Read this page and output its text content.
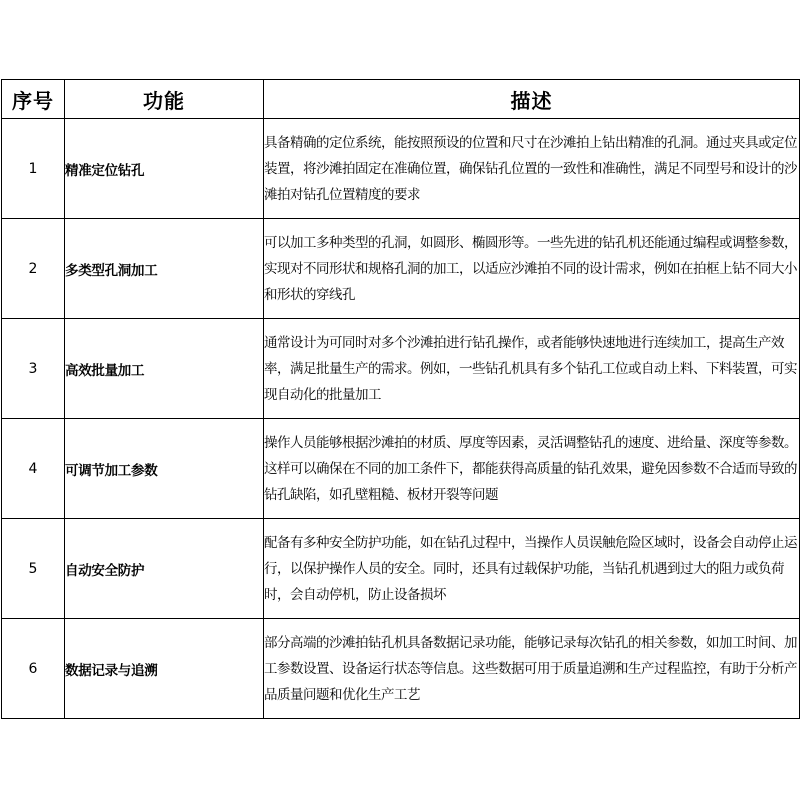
序号	功能	描述
1	精准定位钻孔	具备精确的定位系统，能按照预设的位置和尺寸在沙滩拍上钻出精准的孔洞。通过夹具或定位装置，将沙滩拍固定在准确位置，确保钻孔位置的一致性和准确性，满足不同型号和设计的沙滩拍对钻孔位置精度的要求
2	多类型孔洞加工	可以加工多种类型的孔洞，如圆形、椭圆形等。一些先进的钻孔机还能通过编程或调整参数，实现对不同形状和规格孔洞的加工，以适应沙滩拍不同的设计需求，例如在拍框上钻不同大小和形状的穿线孔
3	高效批量加工	通常设计为可同时对多个沙滩拍进行钻孔操作，或者能够快速地进行连续加工，提高生产效率，满足批量生产的需求。例如，一些钻孔机具有多个钻孔工位或自动上料、下料装置，可实现自动化的批量加工
4	可调节加工参数	操作人员能够根据沙滩拍的材质、厚度等因素，灵活调整钻孔的速度、进给量、深度等参数。这样可以确保在不同的加工条件下，都能获得高质量的钻孔效果，避免因参数不合适而导致的钻孔缺陷，如孔壁粗糙、板材开裂等问题
5	自动安全防护	配备有多种安全防护功能，如在钻孔过程中，当操作人员误触危险区域时，设备会自动停止运行，以保护操作人员的安全。同时，还具有过载保护功能，当钻孔机遇到过大的阻力或负荷时，会自动停机，防止设备损坏
6	数据记录与追溯	部分高端的沙滩拍钻孔机具备数据记录功能，能够记录每次钻孔的相关参数，如加工时间、加工参数设置、设备运行状态等信息。这些数据可用于质量追溯和生产过程监控，有助于分析产品质量问题和优化生产工艺
